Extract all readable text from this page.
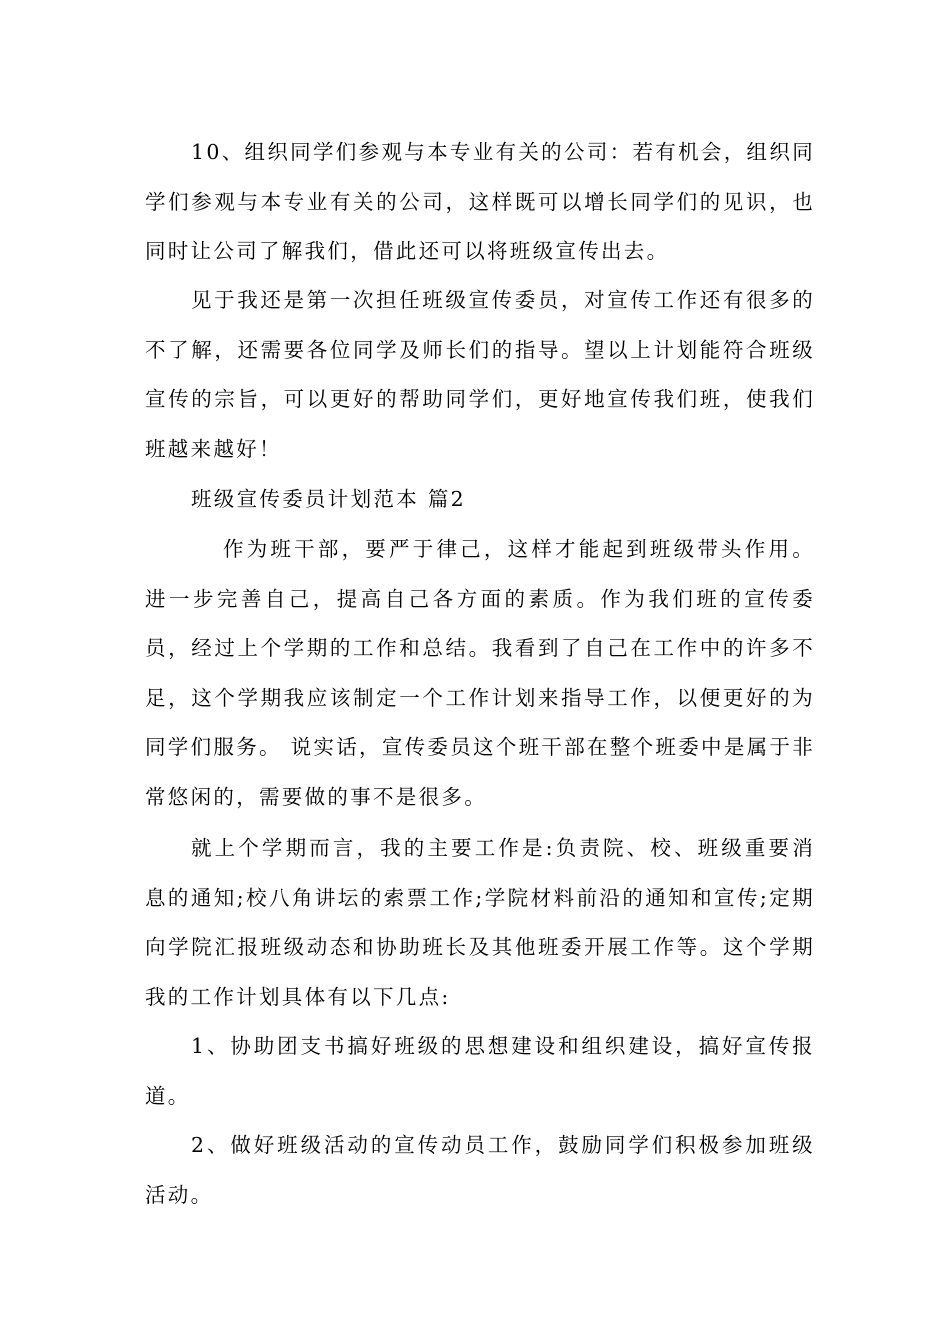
10、组织同学们参观与本专业有关的公司：若有机会，组织同学们参观与本专业有关的公司，这样既可以增长同学们的见识，也同时让公司了解我们，借此还可以将班级宣传出去。

见于我还是第一次担任班级宣传委员，对宣传工作还有很多的不了解，还需要各位同学及师长们的指导。望以上计划能符合班级宣传的宗旨，可以更好的帮助同学们，更好地宣传我们班，使我们班越来越好！

班级宣传委员计划范本 篇2

作为班干部，要严于律己，这样才能起到班级带头作用。进一步完善自己，提高自己各方面的素质。作为我们班的宣传委员，经过上个学期的工作和总结。我看到了自己在工作中的许多不足，这个学期我应该制定一个工作计划来指导工作，以便更好的为同学们服务。 说实话，宣传委员这个班干部在整个班委中是属于非常悠闲的，需要做的事不是很多。

就上个学期而言，我的主要工作是:负责院、校、班级重要消息的通知;校八角讲坛的索票工作;学院材料前沿的通知和宣传;定期向学院汇报班级动态和协助班长及其他班委开展工作等。这个学期我的工作计划具体有以下几点:

1、协助团支书搞好班级的思想建设和组织建设，搞好宣传报道。

2、做好班级活动的宣传动员工作，鼓励同学们积极参加班级活动。
